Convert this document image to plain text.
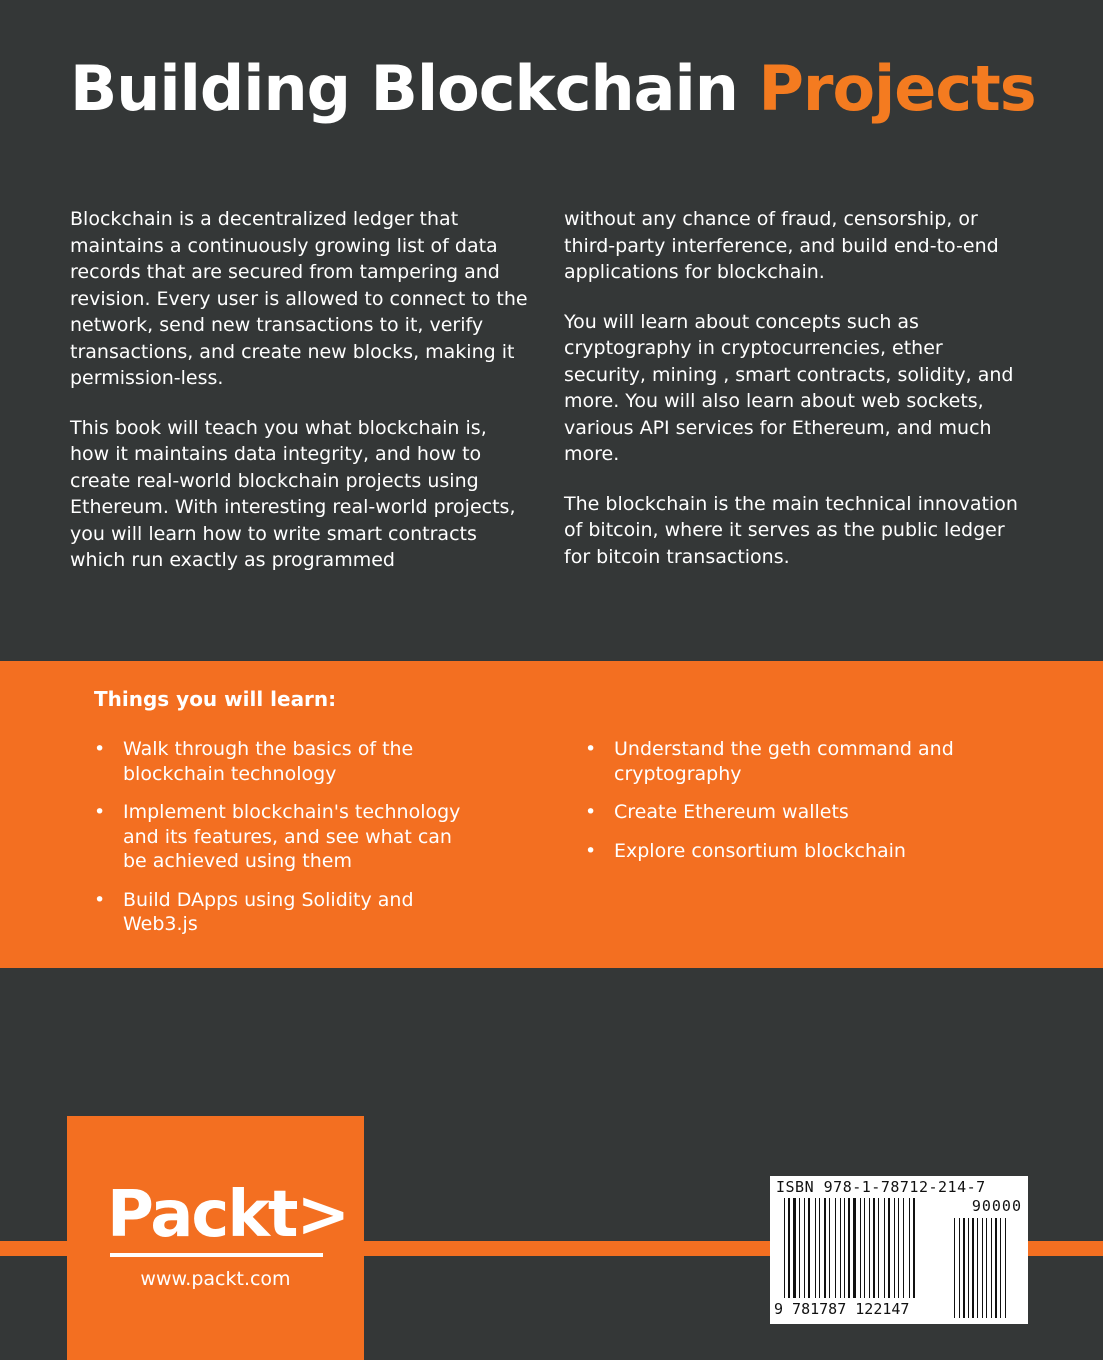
Building Blockchain Projects

Blockchain is a decentralized ledger that maintains a continuously growing list of data records that are secured from tampering and revision. Every user is allowed to connect to the network, send new transactions to it, verify transactions, and create new blocks, making it permission-less.

This book will teach you what blockchain is, how it maintains data integrity, and how to create real-world blockchain projects using Ethereum. With interesting real-world projects, you will learn how to write smart contracts which run exactly as programmed

without any chance of fraud, censorship, or third-party interference, and build end-to-end applications for blockchain.

You will learn about concepts such as cryptography in cryptocurrencies, ether security, mining , smart contracts, solidity, and more. You will also learn about web sockets, various API services for Ethereum, and much more.

The blockchain is the main technical innovation of bitcoin, where it serves as the public ledger for bitcoin transactions.

Things you will learn:
• Walk through the basics of the blockchain technology
• Implement blockchain's technology and its features, and see what can be achieved using them
• Build DApps using Solidity and Web3.js
• Understand the geth command and cryptography
• Create Ethereum wallets
• Explore consortium blockchain
Packt>
www.packt.com
ISBN 978-1-78712-214-7
90000
9 781787 122147
